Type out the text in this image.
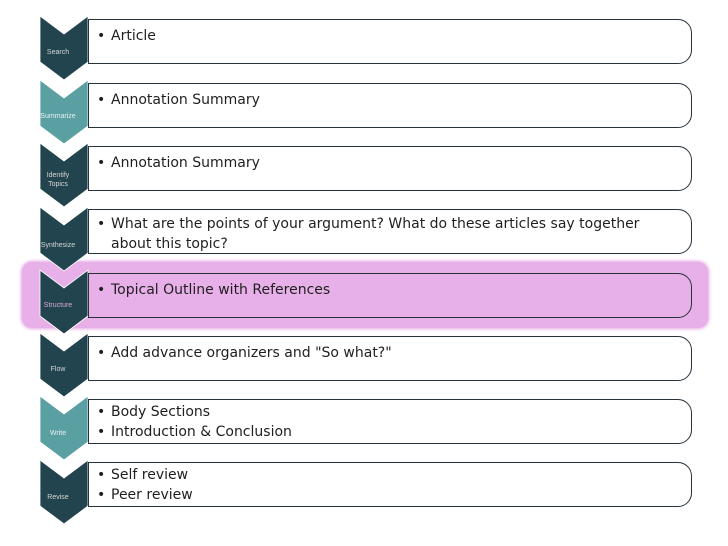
• Article
Search
• Annotation Summary
Summarize
• Annotation Summary
Identify Topics
• What are the points of your argument? What do these articles say together about this topic?
Synthesize
• Topical Outline with References
Structure
• Add advance organizers and "So what?"
Flow
• Body Sections
• Introduction & Conclusion
Write
• Self review
• Peer review
Revise
